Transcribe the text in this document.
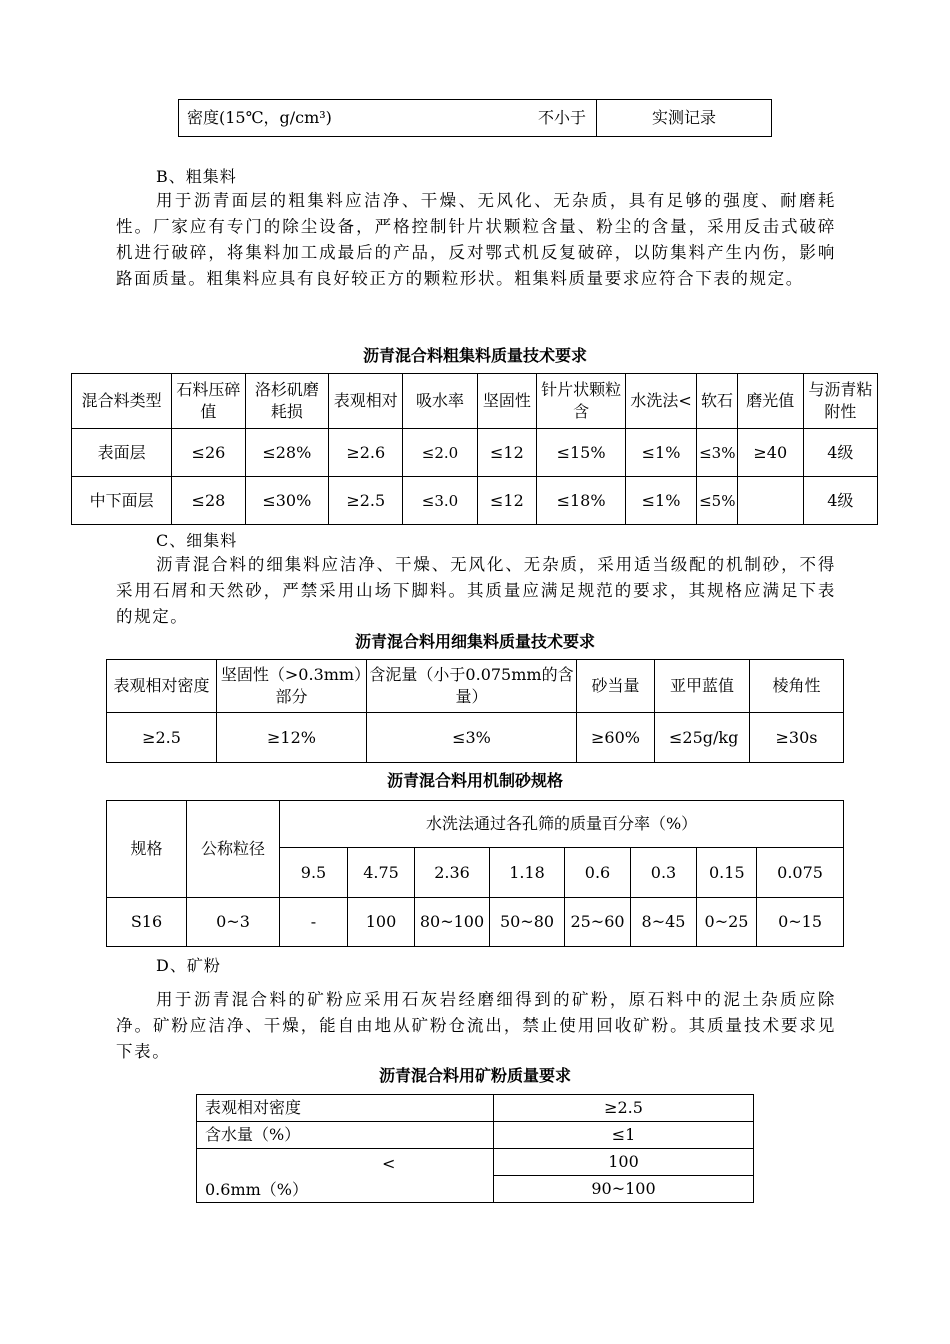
密度(15℃，g/cm³)	不小于	实测记录
B、粗集料
用于沥青面层的粗集料应洁净、干燥、无风化、无杂质，具有足够的强度、耐磨耗性。厂家应有专门的除尘设备，严格控制针片状颗粒含量、粉尘的含量，采用反击式破碎机进行破碎，将集料加工成最后的产品，反对鄂式机反复破碎，以防集料产生内伤，影响路面质量。粗集料应具有良好较正方的颗粒形状。粗集料质量要求应符合下表的规定。
沥青混合料粗集料质量技术要求
混合料类型	石料压碎值	洛杉矶磨耗损	表观相对	吸水率	坚固性	针片状颗粒含	水洗法<	软石	磨光值	与沥青粘附性
表面层	≤26	≤28%	≥2.6	≤2.0	≤12	≤15%	≤1%	≤3%	≥40	4级
中下面层	≤28	≤30%	≥2.5	≤3.0	≤12	≤18%	≤1%	≤5%		4级
C、细集料
沥青混合料的细集料应洁净、干燥、无风化、无杂质，采用适当级配的机制砂，不得采用石屑和天然砂，严禁采用山场下脚料。其质量应满足规范的要求，其规格应满足下表的规定。
沥青混合料用细集料质量技术要求
表观相对密度	坚固性（>0.3mm）部分	含泥量（小于0.075mm的含量）	砂当量	亚甲蓝值	棱角性
≥2.5	≥12%	≤3%	≥60%	≤25g/kg	≥30s
沥青混合料用机制砂规格
规格	公称粒径	水洗法通过各孔筛的质量百分率（%）							
		9.5	4.75	2.36	1.18	0.6	0.3	0.15	0.075
S16	0~3	-	100	80~100	50~80	25~60	8~45	0~25	0~15
D、矿粉
用于沥青混合料的矿粉应采用石灰岩经磨细得到的矿粉，原石料中的泥土杂质应除净。矿粉应洁净、干燥，能自由地从矿粉仓流出，禁止使用回收矿粉。其质量技术要求见下表。
沥青混合料用矿粉质量要求
表观相对密度	≥2.5
含水量（%）	≤1

<
0.6mm（%）	100
	90~100
